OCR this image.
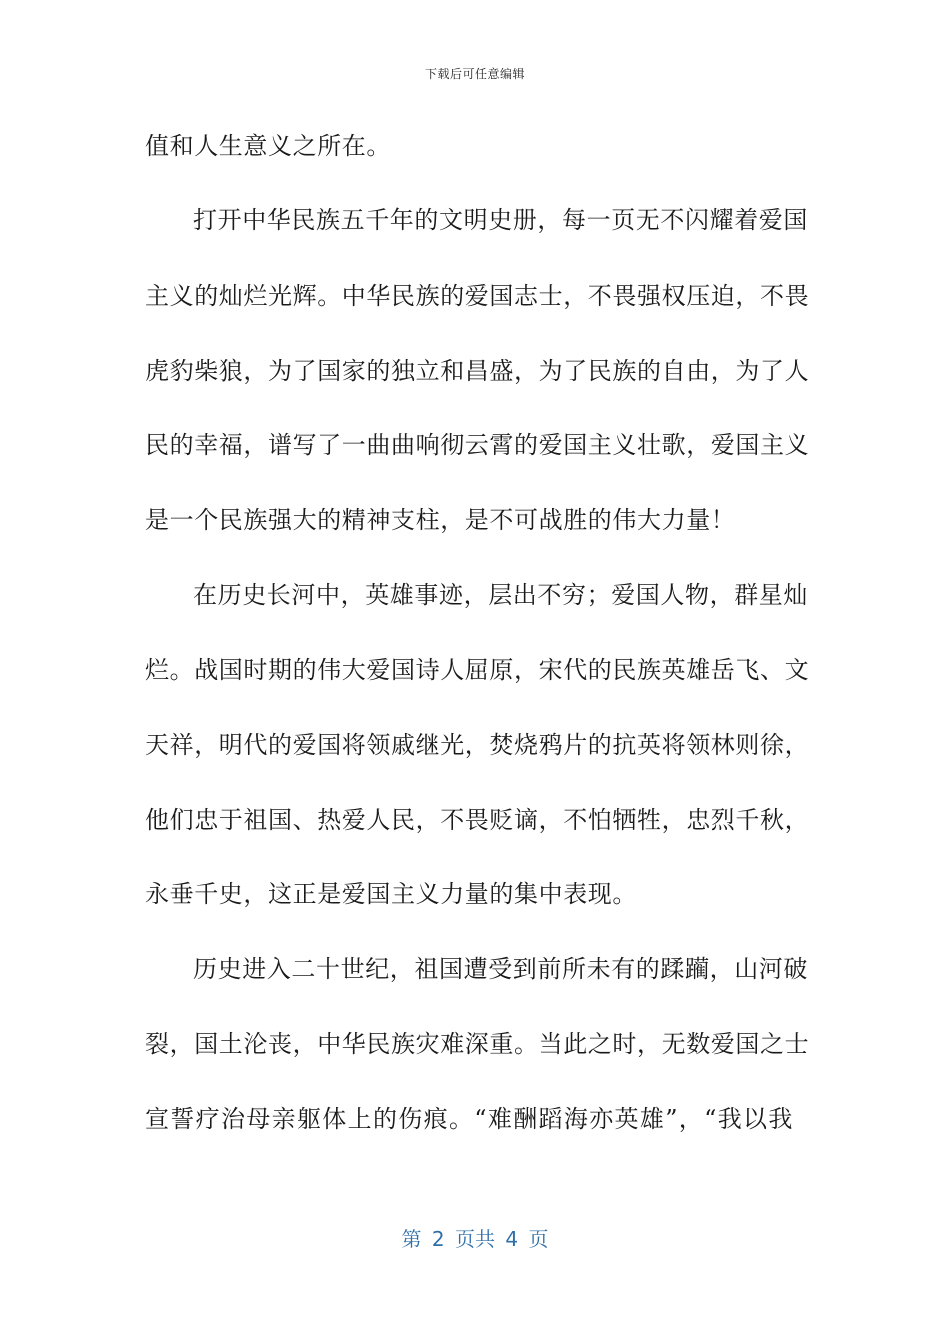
下载后可任意编辑
值和人生意义之所在。
打开中华民族五千年的文明史册，每一页无不闪耀着爱国
主义的灿烂光辉。中华民族的爱国志士，不畏强权压迫，不畏
虎豹柴狼，为了国家的独立和昌盛，为了民族的自由，为了人
民的幸福，谱写了一曲曲响彻云霄的爱国主义壮歌，爱国主义
是一个民族强大的精神支柱，是不可战胜的伟大力量！
在历史长河中，英雄事迹，层出不穷；爱国人物，群星灿
烂。战国时期的伟大爱国诗人屈原，宋代的民族英雄岳飞、文
天祥，明代的爱国将领戚继光，焚烧鸦片的抗英将领林则徐，
他们忠于祖国、热爱人民，不畏贬谪，不怕牺牲，忠烈千秋，
永垂千史，这正是爱国主义力量的集中表现。
历史进入二十世纪，祖国遭受到前所未有的蹂躏，山河破
裂，国土沦丧，中华民族灾难深重。当此之时，无数爱国之士
宣誓疗治母亲躯体上的伤痕。“难酬蹈海亦英雄”，“我以我
第 2 页共 4 页
